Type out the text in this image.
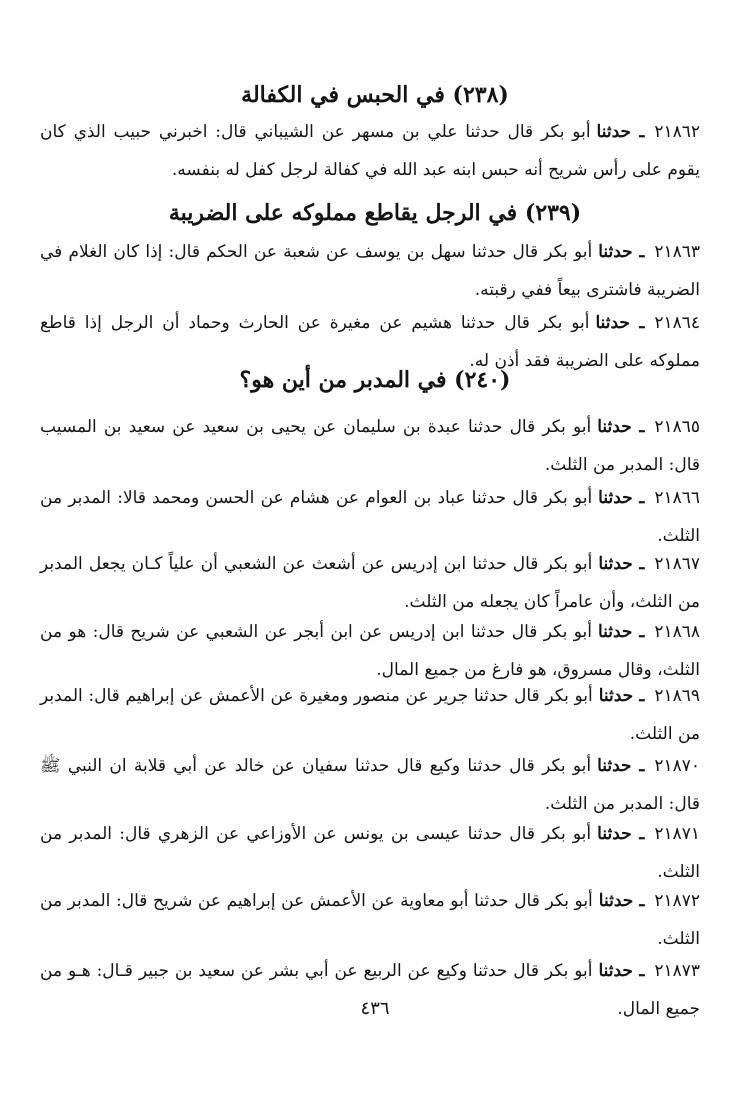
(٢٣٨) في الحبس في الكفالة
٢١٨٦٢ـ حدثناأبو بكر قال حدثنا علي بن مسهر عن الشيباني قال: اخبرني حبيب الذي كان يقوم على رأس شريح أنه حبس ابنه عبد الله في كفالة لرجل كفل له بنفسه.
(٢٣٩) في الرجل يقاطع مملوكه على الضريبة
٢١٨٦٣ـ حدثناأبو بكر قال حدثنا سهل بن يوسف عن شعبة عن الحكم قال: إذا كان الغلام في الضريبة فاشترى بيعاً ففي رقبته.
٢١٨٦٤ـ حدثناأبو بكر قال حدثنا هشيم عن مغيرة عن الحارث وحماد أن الرجل إذا قاطع مملوكه على الضريبة فقد أذن له.
(٢٤٠) في المدبر من أين هو؟
٢١٨٦٥ـ حدثناأبو بكر قال حدثنا عبدة بن سليمان عن يحيى بن سعيد عن سعيد بن المسيب قال: المدبر من الثلث.
٢١٨٦٦ـ حدثناأبو بكر قال حدثنا عباد بن العوام عن هشام عن الحسن ومحمد قالا: المدبر من الثلث.
٢١٨٦٧ـ حدثناأبو بكر قال حدثنا ابن إدريس عن أشعث عن الشعبي أن علياً كـان يجعل المدبر من الثلث، وأن عامراً كان يجعله من الثلث.
٢١٨٦٨ـ حدثناأبو بكر قال حدثنا ابن إدريس عن ابن أبجر عن الشعبي عن شريح قال: هو من الثلث، وقال مسروق، هو فارغ من جميع المال.
٢١٨٦٩ـ حدثناأبو بكر قال حدثنا جرير عن منصور ومغيرة عن الأعمش عن إبراهيم قال: المدبر من الثلث.
٢١٨٧٠ـ حدثناأبو بكر قال حدثنا وكيع قال حدثنا سفيان عن خالد عن أبي قلابة ان النبي ﷺ قال: المدبر من الثلث.
٢١٨٧١ـ حدثناأبو بكر قال حدثنا عيسى بن يونس عن الأوزاعي عن الزهري قال: المدبر من الثلث.
٢١٨٧٢ـ حدثناأبو بكر قال حدثنا أبو معاوية عن الأعمش عن إبراهيم عن شريح قال: المدبر من الثلث.
٢١٨٧٣ـ حدثناأبو بكر قال حدثنا وكيع عن الربيع عن أبي بشر عن سعيد بن جبير قـال: هـو من جميع المال.
٤٣٦
